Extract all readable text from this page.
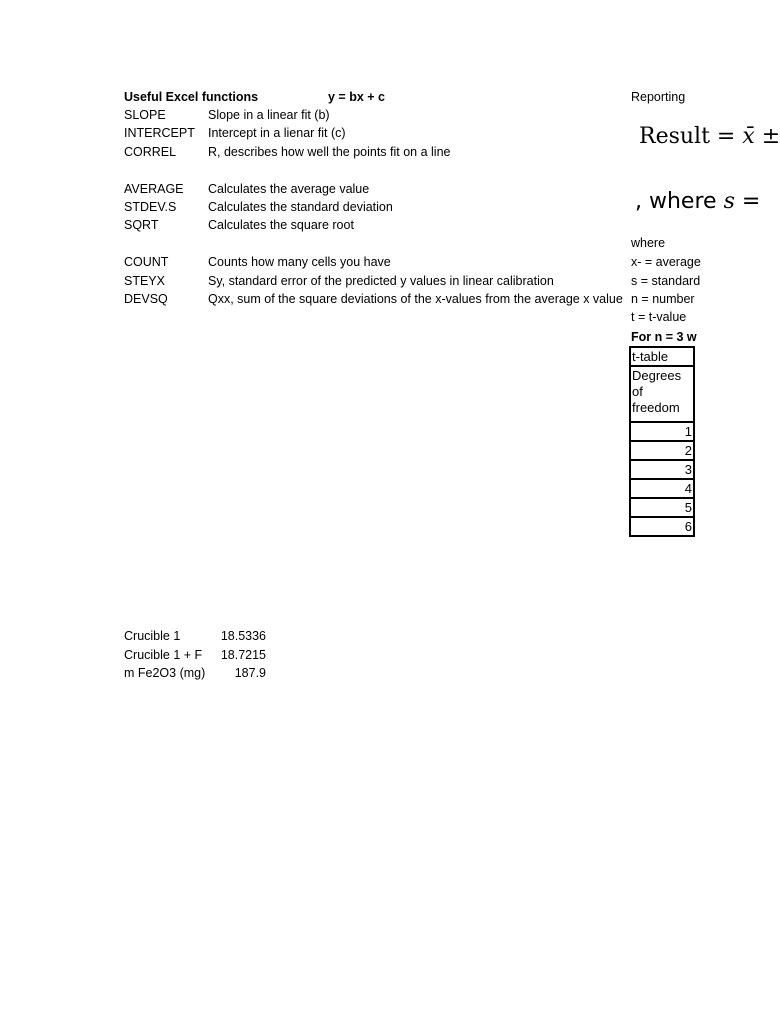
Useful Excel functions	y = bx + c
SLOPE	Slope in a linear fit (b)
INTERCEPT Intercept in a lienar fit (c)
CORREL	R, describes how well the points fit on a line
AVERAGE Calculates the average value
STDEV.S	Calculates the standard deviation
SQRT	Calculates the square root
COUNT	Counts how many cells you have
STEYX	Sy, standard error of the predicted y values in linear calibration
DEVSQ	Qxx, sum of the square deviations of the x-values from the average x value
Reporting
Result = x̄ ±
, where s =
where
x- = average
s = standard
n = number
t = t-value
For n = 3 w
t-table
Degrees of freedom
1
2
3
4
5
6
Crucible 1	18.5336
Crucible 1 + F	18.7215
m Fe2O3 (mg)	187.9
